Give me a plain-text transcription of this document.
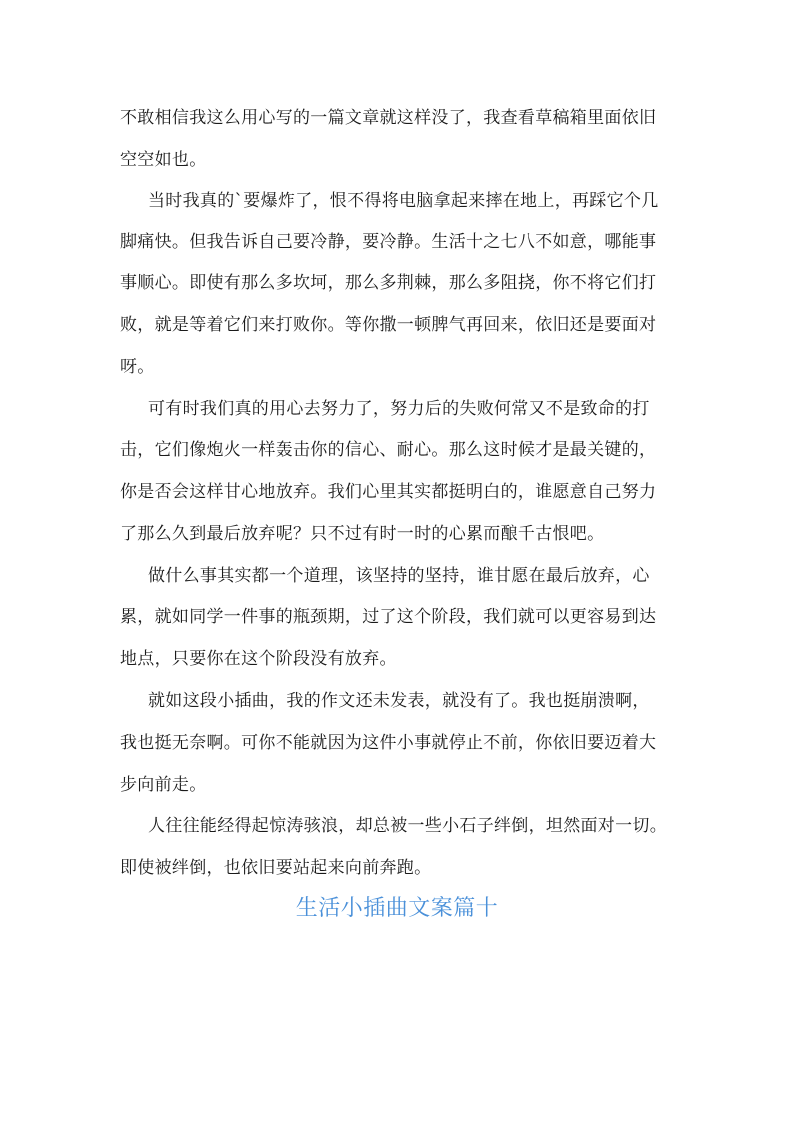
不敢相信我这么用心写的一篇文章就这样没了，我查看草稿箱里面依旧
空空如也。
当时我真的`要爆炸了，恨不得将电脑拿起来摔在地上，再踩它个几
脚痛快。但我告诉自己要冷静，要冷静。生活十之七八不如意，哪能事
事顺心。即使有那么多坎坷，那么多荆棘，那么多阻挠，你不将它们打
败，就是等着它们来打败你。等你撒一顿脾气再回来，依旧还是要面对
呀。
可有时我们真的用心去努力了，努力后的失败何常又不是致命的打
击，它们像炮火一样轰击你的信心、耐心。那么这时候才是最关键的，
你是否会这样甘心地放弃。我们心里其实都挺明白的，谁愿意自己努力
了那么久到最后放弃呢？只不过有时一时的心累而酿千古恨吧。
做什么事其实都一个道理，该坚持的坚持，谁甘愿在最后放弃，心
累，就如同学一件事的瓶颈期，过了这个阶段，我们就可以更容易到达
地点，只要你在这个阶段没有放弃。
就如这段小插曲，我的作文还未发表，就没有了。我也挺崩溃啊，
我也挺无奈啊。可你不能就因为这件小事就停止不前，你依旧要迈着大
步向前走。
人往往能经得起惊涛骇浪，却总被一些小石子绊倒，坦然面对一切。
即使被绊倒，也依旧要站起来向前奔跑。
生活小插曲文案篇十
